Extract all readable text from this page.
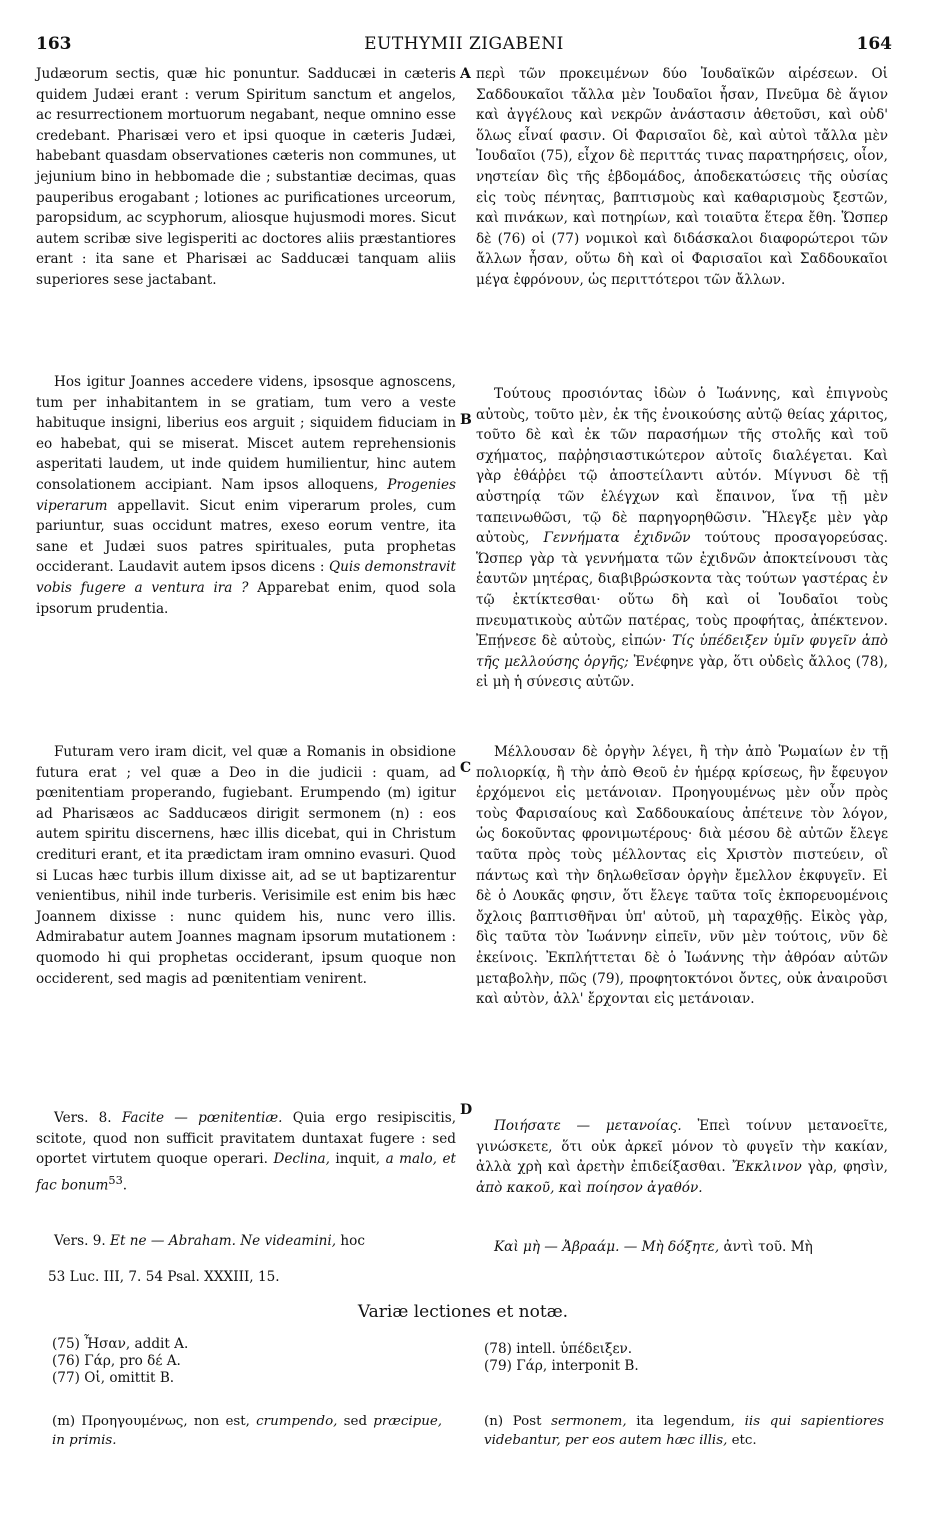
163	EUTHYMII ZIGABENI	164
A
B
C
D

Judæorum sectis, quæ hic ponuntur. Sadducæi in cæteris quidem Judæi erant : verum Spiritum sanctum et angelos, ac resurrectionem mortuorum negabant, neque omnino esse credebant. Pharisæi vero et ipsi quoque in cæteris Judæi, habebant quasdam observationes cæteris non communes, ut jejunium bino in hebbomade die ; substantiæ decimas, quas pauperibus erogabant ; lotiones ac purificationes urceorum, paropsidum, ac scyphorum, aliosque hujusmodi mores. Sicut autem scribæ sive legisperiti ac doctores aliis præstantiores erant : ita sane et Pharisæi ac Sadducæi tanquam aliis superiores sese jactabant.

Hos igitur Joannes accedere videns, ipsosque agnoscens, tum per inhabitantem in se gratiam, tum vero a veste habituque insigni, liberius eos arguit ; siquidem fiduciam in eo habebat, qui se miserat. Miscet autem reprehensionis asperitati laudem, ut inde quidem humilientur, hinc autem consolationem accipiant. Nam ipsos alloquens, Progenies viperarum appellavit. Sicut enim viperarum proles, cum pariuntur, suas occidunt matres, exeso eorum ventre, ita sane et Judæi suos patres spirituales, puta prophetas occiderant. Laudavit autem ipsos dicens : Quis demonstravit vobis fugere a ventura ira ? Apparebat enim, quod sola ipsorum prudentia.

Futuram vero iram dicit, vel quæ a Romanis in obsidione futura erat ; vel quæ a Deo in die judicii : quam, ad pœnitentiam properando, fugiebant. Erumpendo (m) igitur ad Pharisæos ac Sadducæos dirigit sermonem (n) : eos autem spiritu discernens, hæc illis dicebat, qui in Christum crediturі erant, et ita prædictam iram omninо evasuri. Quod si Lucas hæc turbis illum dixisse ait, ad se ut baptizarentur venientibus, nihil inde turberis. Verisimile est enim bis hæc Joannem dixisse : nunc quidem his, nunc vero illis. Admirabatur autem Joannes magnam ipsorum mutationem : quomodo hi qui prophetas occiderant, ipsum quoque non occiderent, sed magis ad pœnitentiam venirent.

Vers. 8. Facite — pœnitentiæ. Quia ergo resipiscitis, scitote, quod non sufficit pravitatem duntaxat fugere : sed oportet virtutem quoque operari. Declina, inquit, a malo, et fac bonum$^{53}$.

Vers. 9. Et ne — Abraham. Ne videamini, hoc

περὶ τῶν προκειμένων δύο Ἰουδαϊκῶν αἱρέσεων. Οἱ Σαδδουκαῖοι τἄλλα μὲν Ἰουδαῖοι ἦσαν, Πνεῦμα δὲ ἅγιον καὶ ἀγγέλους καὶ νεκρῶν ἀνάστασιν ἀθετοῦσι, καὶ οὐδ' ὅλως εἶναί φασιν. Οἱ Φαρισαῖοι δὲ, καὶ αὐτοὶ τἄλλα μὲν Ἰουδαῖοι (75), εἶχον δὲ περιττάς τινας παρατηρήσεις, οἷον, νηστείαν δὶς τῆς ἑβδομάδος, ἀποδεκατώσεις τῆς οὐσίας εἰς τοὺς πένητας, βαπτισμοὺς καὶ καθαρισμοὺς ξεστῶν, καὶ πινάκων, καὶ ποτηρίων, καὶ τοιαῦτα ἕτερα ἔθη. Ὥσπερ δὲ (76) οἱ (77) νομικοὶ καὶ διδάσκαλοι διαφορώτεροι τῶν ἄλλων ἦσαν, οὕτω δὴ καὶ οἱ Φαρισαῖοι καὶ Σαδδουκαῖοι μέγα ἐφρόνουν, ὡς περιττότεροι τῶν ἄλλων.

Τούτους προσιόντας ἰδὼν ὁ Ἰωάννης, καὶ ἐπιγνοὺς αὐτοὺς, τοῦτο μὲν, ἐκ τῆς ἐνοικούσης αὐτῷ θείας χάριτος, τοῦτο δὲ καὶ ἐκ τῶν παρασήμων τῆς στολῆς καὶ τοῦ σχήματος, παῤῥησιαστικώτερον αὐτοῖς διαλέγεται. Καὶ γὰρ ἐθάῤῥει τῷ ἀποστείλαντι αὐτόν. Μίγνυσι δὲ τῇ αὐστηρίᾳ τῶν ἐλέγχων καὶ ἔπαινον, ἵνα τῇ μὲν ταπεινωθῶσι, τῷ δὲ παρηγορηθῶσιν. Ἤλεγξε μὲν γὰρ αὐτοὺς, Γεννήματα ἐχιδνῶν τούτους προσαγορεύσας. Ὥσπερ γὰρ τὰ γεννήματα τῶν ἐχιδνῶν ἀποκτείνουσι τὰς ἑαυτῶν μητέρας, διαβιβρώσκοντα τὰς τούτων γαστέρας ἐν τῷ ἐκτίκτεσθαι· οὕτω δὴ καὶ οἱ Ἰουδαῖοι τοὺς πνευματικοὺς αὐτῶν πατέρας, τοὺς προφήτας, ἀπέκτενον. Ἐπῄνεσε δὲ αὐτοὺς, εἰπών· Τίς ὑπέδειξεν ὑμῖν φυγεῖν ἀπὸ τῆς μελλούσης ὀργῆς; Ἐνέφηνε γὰρ, ὅτι οὐδεὶς ἄλλος (78), εἰ μὴ ἡ σύνεσις αὐτῶν.

Μέλλουσαν δὲ ὀργὴν λέγει, ἢ τὴν ἀπὸ Ῥωμαίων ἐν τῇ πολιορκίᾳ, ἢ τὴν ἀπὸ Θεοῦ ἐν ἡμέρᾳ κρίσεως, ἣν ἔφευγον ἐρχόμενοι εἰς μετάνοιαν. Προηγουμένως μὲν οὖν πρὸς τοὺς Φαρισαίους καὶ Σαδδουκαίους ἀπέτεινε τὸν λόγον, ὡς δοκοῦντας φρονιμωτέρους· διὰ μέσου δὲ αὐτῶν ἔλεγε ταῦτα πρὸς τοὺς μέλλοντας εἰς Χριστὸν πιστεύειν, οἳ πάντως καὶ τὴν δηλωθεῖσαν ὀργὴν ἔμελλον ἐκφυγεῖν. Εἰ δὲ ὁ Λουκᾶς φησιν, ὅτι ἔλεγε ταῦτα τοῖς ἐκπορευομένοις ὄχλοις βαπτισθῆναι ὑπ' αὐτοῦ, μὴ ταραχθῇς. Εἰκὸς γὰρ, δὶς ταῦτα τὸν Ἰωάννην εἰπεῖν, νῦν μὲν τούτοις, νῦν δὲ ἐκείνοις. Ἐκπλήττεται δὲ ὁ Ἰωάννης τὴν ἀθρόαν αὐτῶν μεταβολὴν, πῶς (79), προφητοκτόνοι ὄντες, οὐκ ἀναιροῦσι καὶ αὐτὸν, ἀλλ' ἔρχονται εἰς μετάνοιαν.

Ποιήσατε — μετανοίας. Ἐπεὶ τοίνυν μετανοεῖτε, γινώσκετε, ὅτι οὐκ ἀρκεῖ μόνον τὸ φυγεῖν τὴν κακίαν, ἀλλὰ χρὴ καὶ ἀρετὴν ἐπιδείξασθαι. Ἔκκλινον γὰρ, φησὶν, ἀπὸ κακοῦ, καὶ ποίησον ἀγαθόν.

Καὶ μὴ — Ἀβραάμ. — Μὴ δόξητε, ἀντὶ τοῦ. Μὴ

53 Luc. III, 7. 54 Psal. XXXIII, 15.
Variæ lectiones et notæ.
(75) Ἦσαν, addit A.
(76) Γάρ, pro δέ A.
(77) Οἱ, omittit B.
(78) intell. ὑπέδειξεν.
(79) Γάρ, interponit B.
(m) Προηγουμένως, non est, crumpendo, sed præcipue, in primis.
(n) Post sermonem, ita legendum, iis qui sapientiores videbantur, per eos autem hæc illis, etc.
